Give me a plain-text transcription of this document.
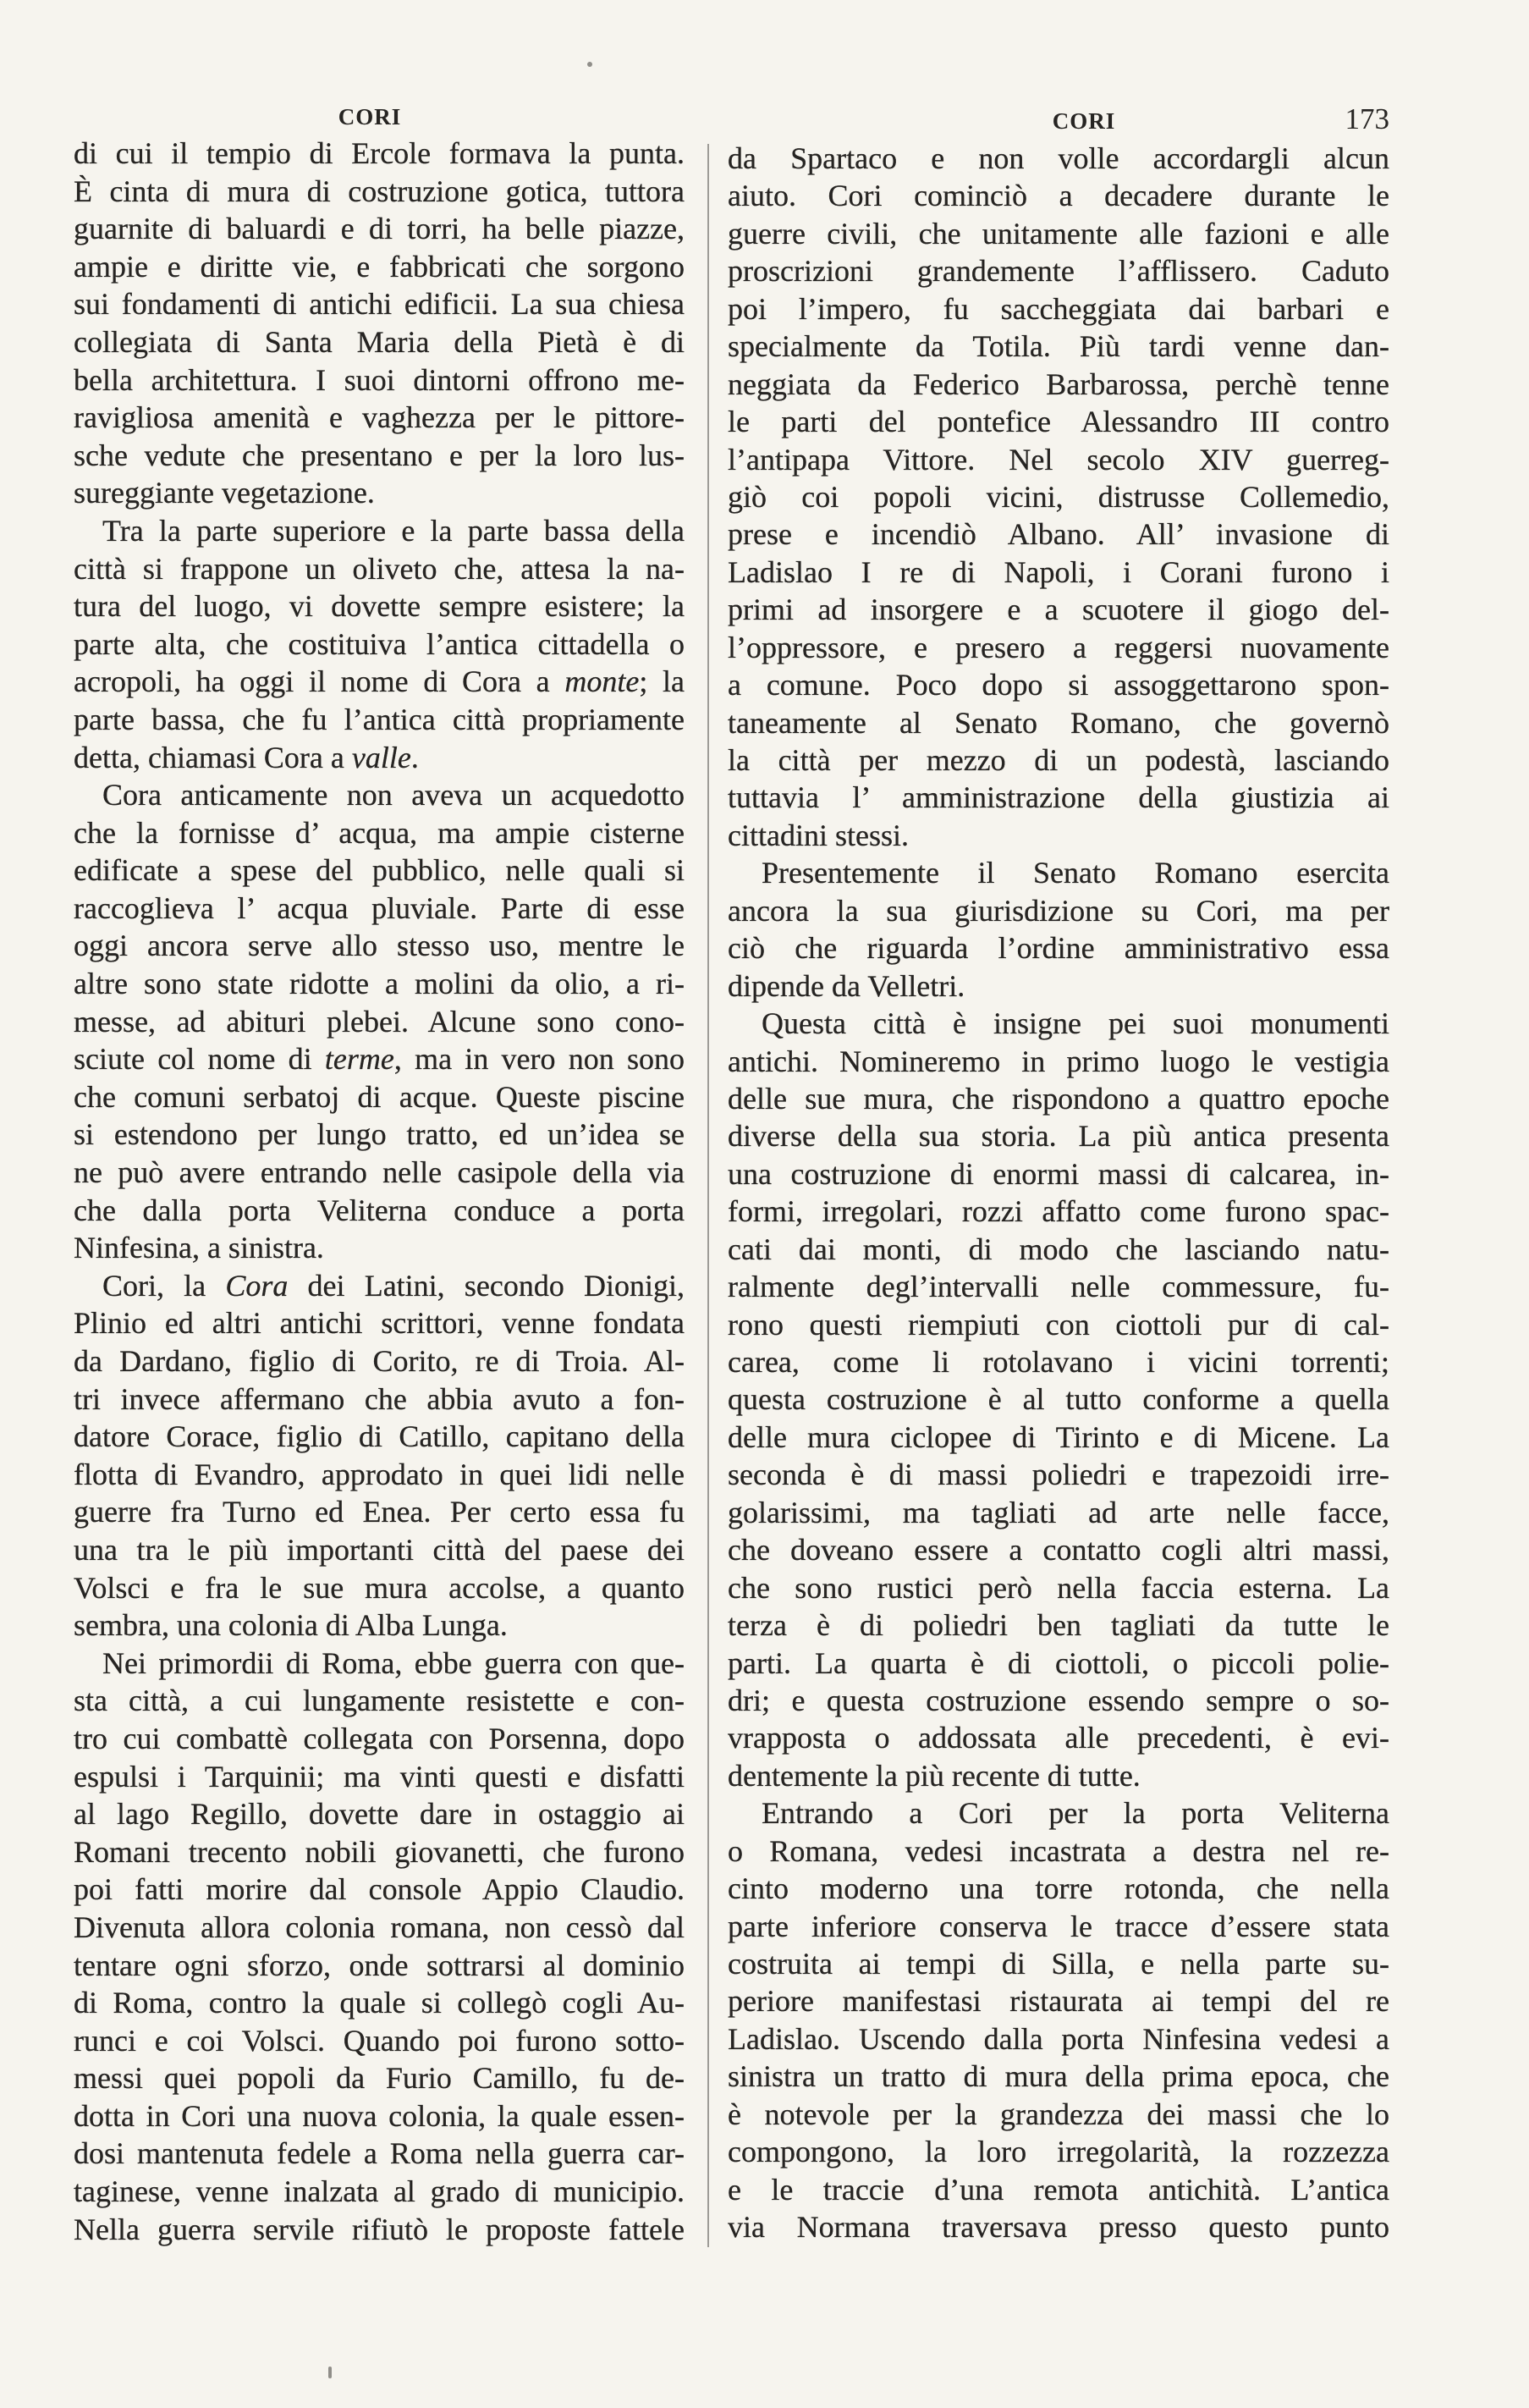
CORI	CORI	173
di cui il tempio di Ercole formava la punta.
È cinta di mura di costruzione gotica, tuttora
guarnite di baluardi e di torri, ha belle piazze,
ampie e diritte vie, e fabbricati che sorgono
sui fondamenti di antichi edificii. La sua chiesa
collegiata di Santa Maria della Pietà è di
bella architettura. I suoi dintorni offrono me-
ravigliosa amenità e vaghezza per le pittore-
sche vedute che presentano e per la loro lus-
sureggiante vegetazione.
Tra la parte superiore e la parte bassa della
città si frappone un oliveto che, attesa la na-
tura del luogo, vi dovette sempre esistere; la
parte alta, che costituiva l’antica cittadella o
acropoli, ha oggi il nome di Cora a monte; la
parte bassa, che fu l’antica città propriamente
detta, chiamasi Cora a valle.
Cora anticamente non aveva un acquedotto
che la fornisse d’ acqua, ma ampie cisterne
edificate a spese del pubblico, nelle quali si
raccoglieva l’ acqua pluviale. Parte di esse
oggi ancora serve allo stesso uso, mentre le
altre sono state ridotte a molini da olio, a ri-
messe, ad abituri plebei. Alcune sono cono-
sciute col nome di terme, ma in vero non sono
che comuni serbatoj di acque. Queste piscine
si estendono per lungo tratto, ed un’idea se
ne può avere entrando nelle casipole della via
che dalla porta Veliterna conduce a porta
Ninfesina, a sinistra.
Cori, la Cora dei Latini, secondo Dionigi,
Plinio ed altri antichi scrittori, venne fondata
da Dardano, figlio di Corito, re di Troia. Al-
tri invece affermano che abbia avuto a fon-
datore Corace, figlio di Catillo, capitano della
flotta di Evandro, approdato in quei lidi nelle
guerre fra Turno ed Enea. Per certo essa fu
una tra le più importanti città del paese dei
Volsci e fra le sue mura accolse, a quanto
sembra, una colonia di Alba Lunga.
Nei primordii di Roma, ebbe guerra con que-
sta città, a cui lungamente resistette e con-
tro cui combattè collegata con Porsenna, dopo
espulsi i Tarquinii; ma vinti questi e disfatti
al lago Regillo, dovette dare in ostaggio ai
Romani trecento nobili giovanetti, che furono
poi fatti morire dal console Appio Claudio.
Divenuta allora colonia romana, non cessò dal
tentare ogni sforzo, onde sottrarsi al dominio
di Roma, contro la quale si collegò cogli Au-
runci e coi Volsci. Quando poi furono sotto-
messi quei popoli da Furio Camillo, fu de-
dotta in Cori una nuova colonia, la quale essen-
dosi mantenuta fedele a Roma nella guerra car-
taginese, venne inalzata al grado di municipio.
Nella guerra servile rifiutò le proposte fattele
da Spartaco e non volle accordargli alcun
aiuto. Cori cominciò a decadere durante le
guerre civili, che unitamente alle fazioni e alle
proscrizioni grandemente l’afflissero. Caduto
poi l’impero, fu saccheggiata dai barbari e
specialmente da Totila. Più tardi venne dan-
neggiata da Federico Barbarossa, perchè tenne
le parti del pontefice Alessandro III contro
l’antipapa Vittore. Nel secolo XIV guerreg-
giò coi popoli vicini, distrusse Collemedio,
prese e incendiò Albano. All’ invasione di
Ladislao I re di Napoli, i Corani furono i
primi ad insorgere e a scuotere il giogo del-
l’oppressore, e presero a reggersi nuovamente
a comune. Poco dopo si assoggettarono spon-
taneamente al Senato Romano, che governò
la città per mezzo di un podestà, lasciando
tuttavia l’ amministrazione della giustizia ai
cittadini stessi.
Presentemente il Senato Romano esercita
ancora la sua giurisdizione su Cori, ma per
ciò che riguarda l’ordine amministrativo essa
dipende da Velletri.
Questa città è insigne pei suoi monumenti
antichi. Nomineremo in primo luogo le vestigia
delle sue mura, che rispondono a quattro epoche
diverse della sua storia. La più antica presenta
una costruzione di enormi massi di calcarea, in-
formi, irregolari, rozzi affatto come furono spac-
cati dai monti, di modo che lasciando natu-
ralmente degl’intervalli nelle commessure, fu-
rono questi riempiuti con ciottoli pur di cal-
carea, come li rotolavano i vicini torrenti;
questa costruzione è al tutto conforme a quella
delle mura ciclopee di Tirinto e di Micene. La
seconda è di massi poliedri e trapezoidi irre-
golarissimi, ma tagliati ad arte nelle facce,
che doveano essere a contatto cogli altri massi,
che sono rustici però nella faccia esterna. La
terza è di poliedri ben tagliati da tutte le
parti. La quarta è di ciottoli, o piccoli polie-
dri; e questa costruzione essendo sempre o so-
vrapposta o addossata alle precedenti, è evi-
dentemente la più recente di tutte.
Entrando a Cori per la porta Veliterna
o Romana, vedesi incastrata a destra nel re-
cinto moderno una torre rotonda, che nella
parte inferiore conserva le tracce d’essere stata
costruita ai tempi di Silla, e nella parte su-
periore manifestasi ristaurata ai tempi del re
Ladislao. Uscendo dalla porta Ninfesina vedesi a
sinistra un tratto di mura della prima epoca, che
è notevole per la grandezza dei massi che lo
compongono, la loro irregolarità, la rozzezza
e le traccie d’una remota antichità. L’antica
via Normana traversava presso questo punto
